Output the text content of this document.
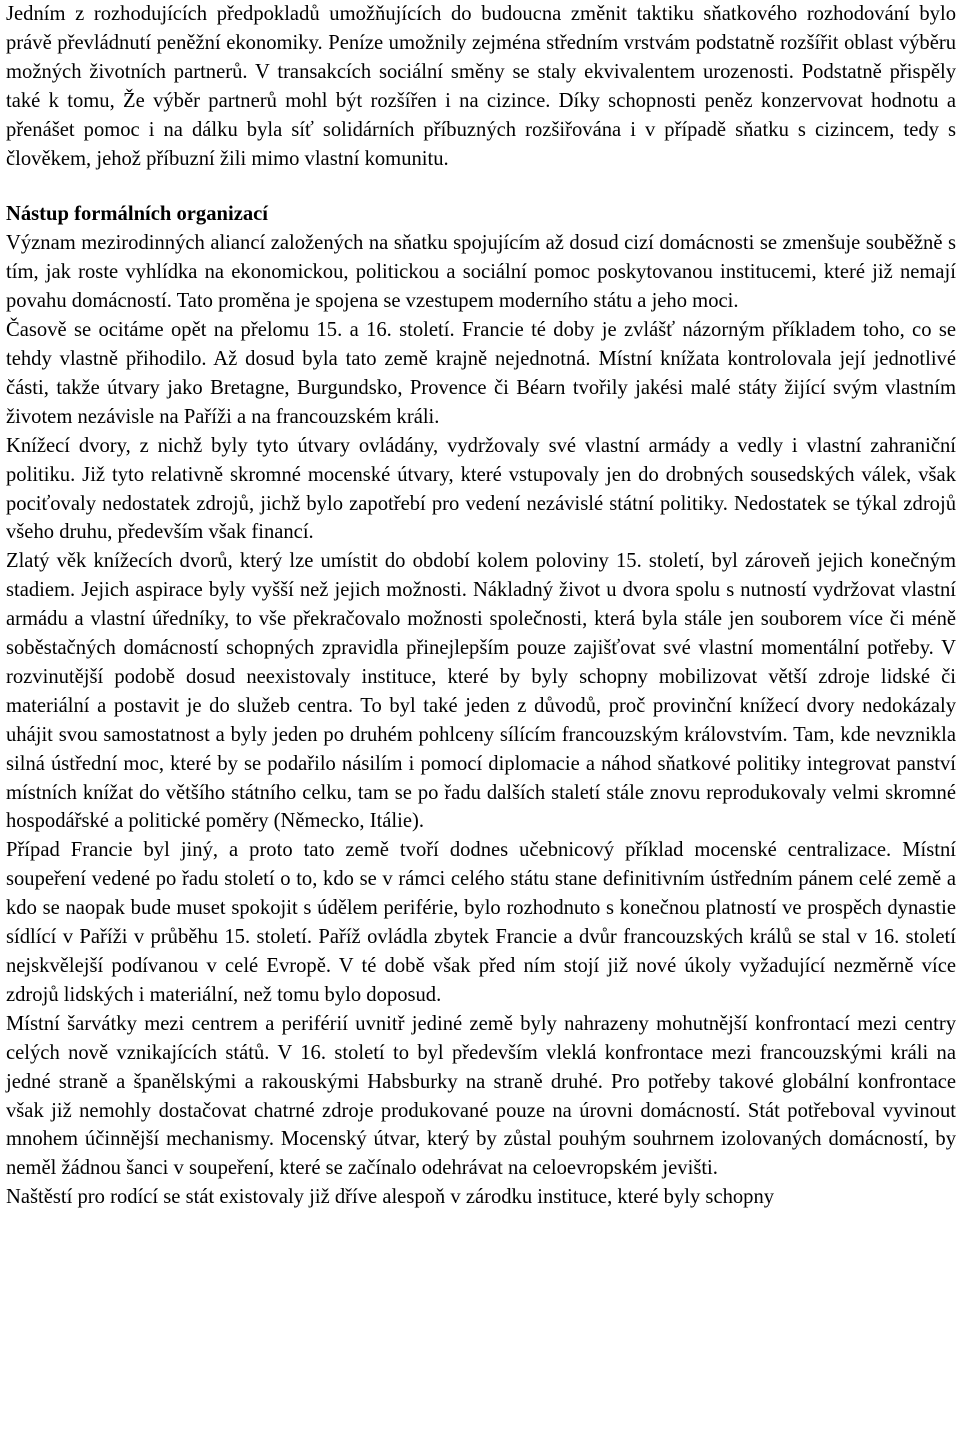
Jedním z rozhodujících předpokladů umožňujících do budoucna změnit taktiku sňatkového rozhodování bylo právě převládnutí peněžní ekonomiky. Peníze umožnily zejména středním vrstvám podstatně rozšířit oblast výběru možných životních partnerů. V transakcích sociální směny se staly ekvivalentem urozenosti. Podstatně přispěly také k tomu, Že výběr partnerů mohl být rozšířen i na cizince. Díky schopnosti peněz konzervovat hodnotu a přenášet pomoc i na dálku byla síť solidárních příbuzných rozšiřována i v případě sňatku s cizincem, tedy s člověkem, jehož příbuzní žili mimo vlastní komunitu.

Nástup formálních organizací

Význam mezirodinných aliancí založených na sňatku spojujícím až dosud cizí domácnosti se zmenšuje souběžně s tím, jak roste vyhlídka na ekonomickou, politickou a sociální pomoc poskytovanou institucemi, které již nemají povahu domácností. Tato proměna je spojena se vzestupem moderního státu a jeho moci.

Časově se ocitáme opět na přelomu 15. a 16. století. Francie té doby je zvlášť názorným příkladem toho, co se tehdy vlastně přihodilo. Až dosud byla tato země krajně nejednotná. Místní knížata kontrolovala její jednotlivé části, takže útvary jako Bretagne, Burgundsko, Provence či Béarn tvořily jakési malé státy žijící svým vlastním životem nezávisle na Paříži a na francouzském králi.

Knížecí dvory, z nichž byly tyto útvary ovládány, vydržovaly své vlastní armády a vedly i vlastní zahraniční politiku. Již tyto relativně skromné mocenské útvary, které vstupovaly jen do drobných sousedských válek, však pociťovaly nedostatek zdrojů, jichž bylo zapotřebí pro vedení nezávislé státní politiky. Nedostatek se týkal zdrojů všeho druhu, především však financí.

Zlatý věk knížecích dvorů, který lze umístit do období kolem poloviny 15. století, byl zároveň jejich konečným stadiem. Jejich aspirace byly vyšší než jejich možnosti. Nákladný život u dvora spolu s nutností vydržovat vlastní armádu a vlastní úředníky, to vše překračovalo možnosti společnosti, která byla stále jen souborem více či méně soběstačných domácností schopných zpravidla přinejlepším pouze zajišťovat své vlastní momentální potřeby. V rozvinutější podobě dosud neexistovaly instituce, které by byly schopny mobilizovat větší zdroje lidské či materiální a postavit je do služeb centra. To byl také jeden z důvodů, proč provinční knížecí dvory nedokázaly uhájit svou samostatnost a byly jeden po druhém pohlceny sílícím francouzským královstvím. Tam, kde nevznikla silná ústřední moc, které by se podařilo násilím i pomocí diplomacie a náhod sňatkové politiky integrovat panství místních knížat do většího státního celku, tam se po řadu dalších staletí stále znovu reprodukovaly velmi skromné hospodářské a politické poměry (Německo, Itálie).

Případ Francie byl jiný, a proto tato země tvoří dodnes učebnicový příklad mocenské centralizace. Místní soupeření vedené po řadu století o to, kdo se v rámci celého státu stane definitivním ústředním pánem celé země a kdo se naopak bude muset spokojit s údělem periférie, bylo rozhodnuto s konečnou platností ve prospěch dynastie sídlící v Paříži v průběhu 15. století. Paříž ovládla zbytek Francie a dvůr francouzských králů se stal v 16. století nejskvělejší podívanou v celé Evropě. V té době však před ním stojí již nové úkoly vyžadující nezměrně více zdrojů lidských i materiální, než tomu bylo doposud.

Místní šarvátky mezi centrem a periférií uvnitř jediné země byly nahrazeny mohutnější konfrontací mezi centry celých nově vznikajících států. V 16. století to byl především vleklá konfrontace mezi francouzskými králi na jedné straně a španělskými a rakouskými Habsburky na straně druhé. Pro potřeby takové globální konfrontace však již nemohly dostačovat chatrné zdroje produkované pouze na úrovni domácností. Stát potřeboval vyvinout mnohem účinnější mechanismy. Mocenský útvar, který by zůstal pouhým souhrnem izolovaných domácností, by neměl žádnou šanci v soupeření, které se začínalo odehrávat na celoevropském jevišti.

Naštěstí pro rodící se stát existovaly již dříve alespoň v zárodku instituce, které byly schopny
